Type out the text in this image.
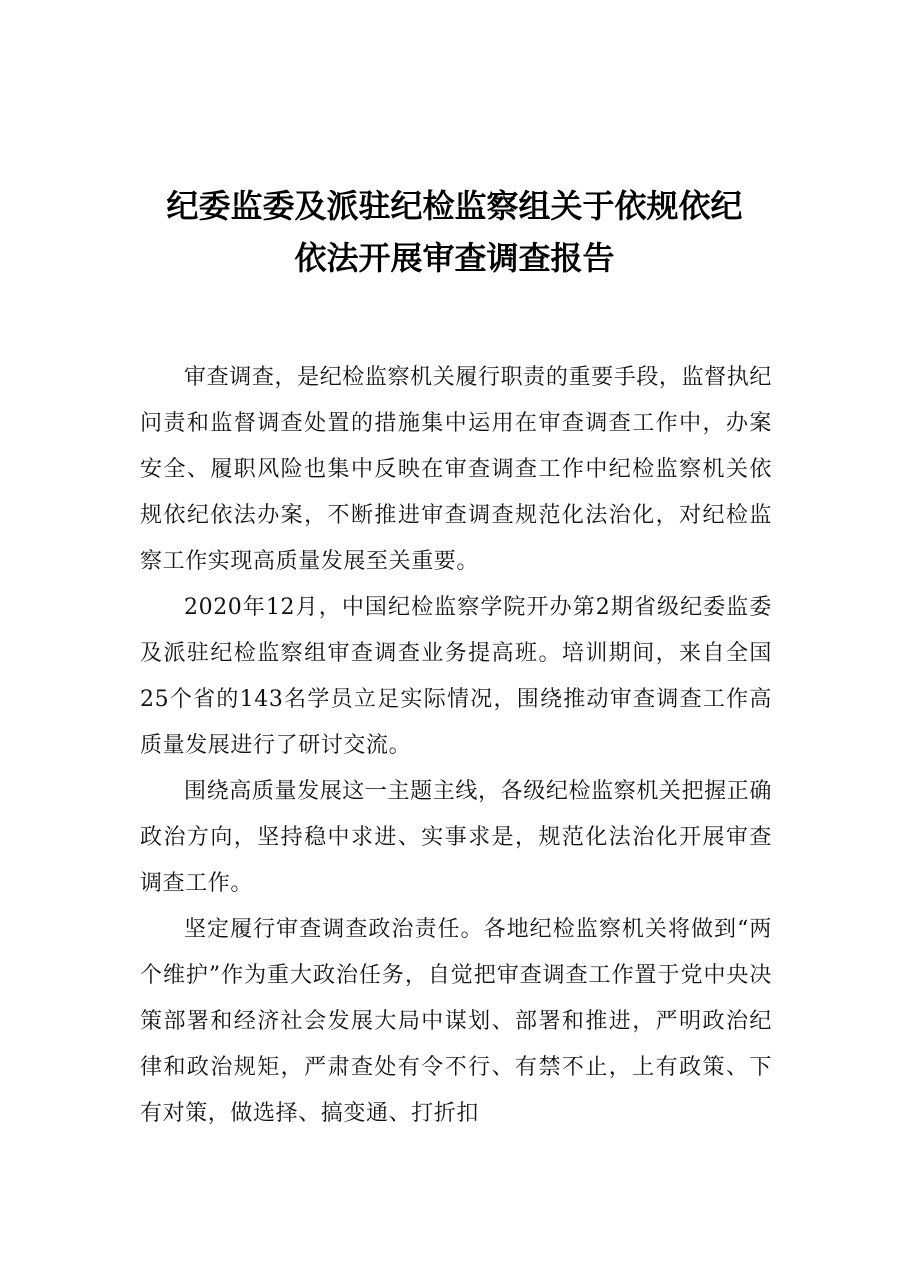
纪委监委及派驻纪检监察组关于依规依纪
依法开展审查调查报告

审查调查，是纪检监察机关履行职责的重要手段，监督执纪问责和监督调查处置的措施集中运用在审查调查工作中，办案安全、履职风险也集中反映在审查调查工作中纪检监察机关依规依纪依法办案，不断推进审查调查规范化法治化，对纪检监察工作实现高质量发展至关重要。

2020年12月，中国纪检监察学院开办第2期省级纪委监委及派驻纪检监察组审查调查业务提高班。培训期间，来自全国25个省的143名学员立足实际情况，围绕推动审查调查工作高质量发展进行了研讨交流。

围绕高质量发展这一主题主线，各级纪检监察机关把握正确政治方向，坚持稳中求进、实事求是，规范化法治化开展审查调查工作。

坚定履行审查调查政治责任。各地纪检监察机关将做到“两个维护”作为重大政治任务，自觉把审查调查工作置于党中央决策部署和经济社会发展大局中谋划、部署和推进，严明政治纪律和政治规矩，严肃查处有令不行、有禁不止，上有政策、下有对策，做选择、搞变通、打折扣
